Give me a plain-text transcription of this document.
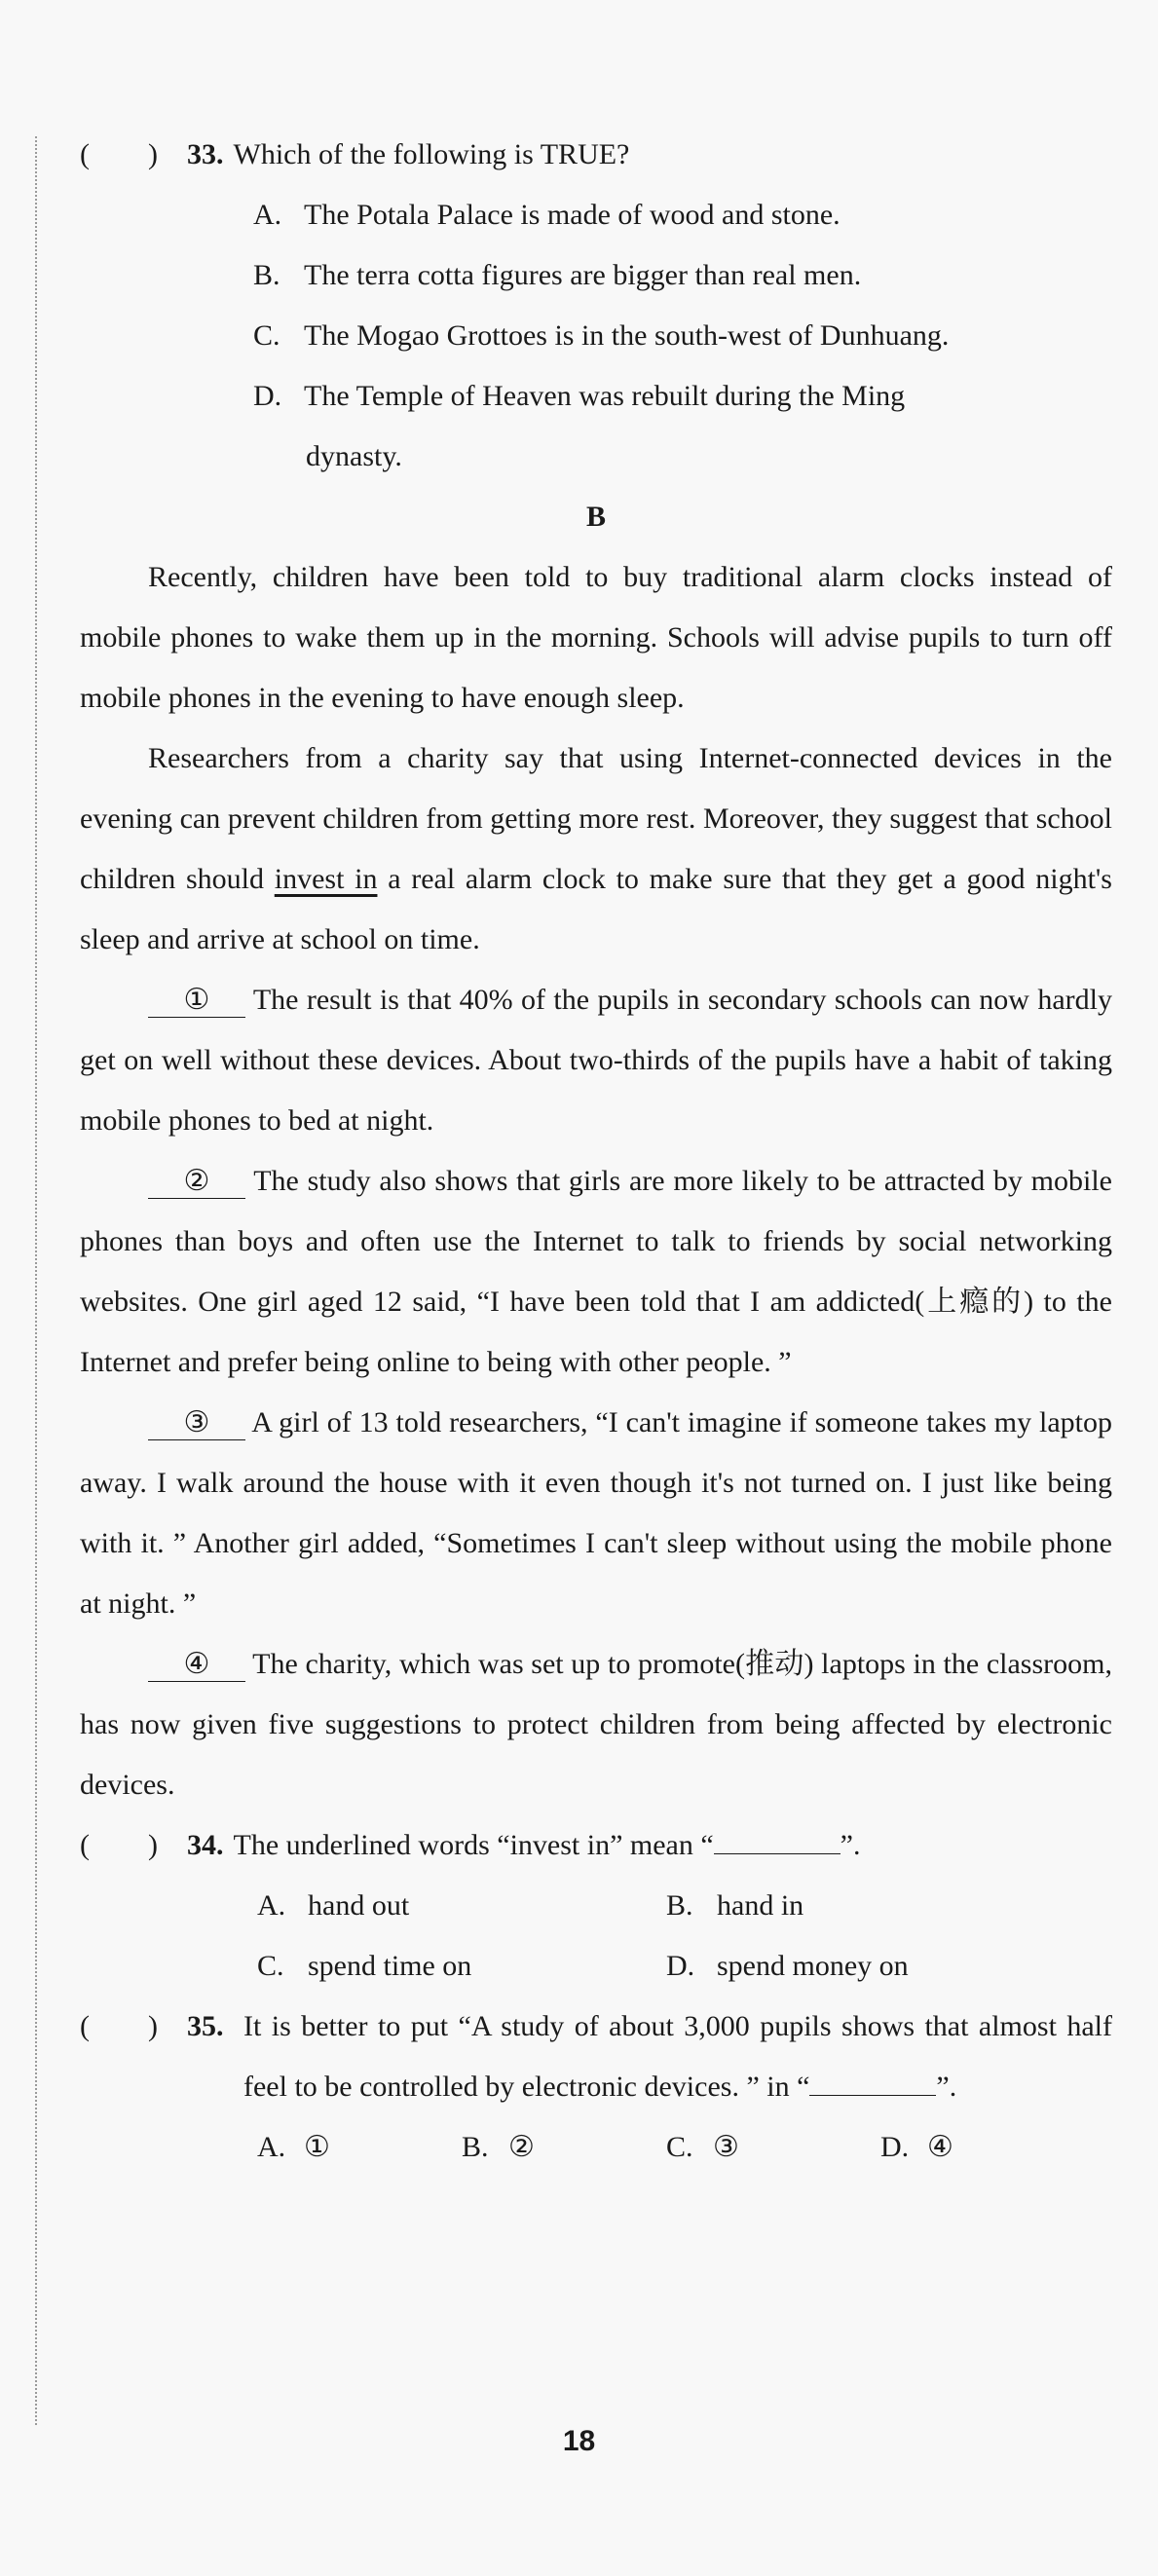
(　　) 33. Which of the following is TRUE?
A. The Potala Palace is made of wood and stone.
B. The terra cotta figures are bigger than real men.
C. The Mogao Grottoes is in the south-west of Dunhuang.
D. The Temple of Heaven was rebuilt during the Ming
dynasty.
B
Recently, children have been told to buy traditional alarm clocks instead of mobile phones to wake them up in the morning. Schools will advise pupils to turn off mobile phones in the evening to have enough sleep.
Researchers from a charity say that using Internet-connected devices in the evening can prevent children from getting more rest. Moreover, they suggest that school children should invest in a real alarm clock to make sure that they get a good night's sleep and arrive at school on time.
① The result is that 40% of the pupils in secondary schools can now hardly get on well without these devices. About two-thirds of the pupils have a habit of taking mobile phones to bed at night.
② The study also shows that girls are more likely to be attracted by mobile phones than boys and often use the Internet to talk to friends by social networking websites. One girl aged 12 said, “I have been told that I am addicted(上瘾的) to the Internet and prefer being online to being with other people. ”
③ A girl of 13 told researchers, “I can't imagine if someone takes my laptop away. I walk around the house with it even though it's not turned on. I just like being with it. ” Another girl added, “Sometimes I can't sleep without using the mobile phone at night. ”
④ The charity, which was set up to promote(推动) laptops in the classroom, has now given five suggestions to protect children from being affected by electronic devices.
(　　) 34. The underlined words “invest in” mean “	”.
A. hand out	B. hand in
C. spend time on	D. spend money on
(　　) 35. It is better to put “A study of about 3,000 pupils shows that almost half feel to be controlled by electronic devices. ” in “	”.
A. ①	B. ②	C. ③	D. ④
18
